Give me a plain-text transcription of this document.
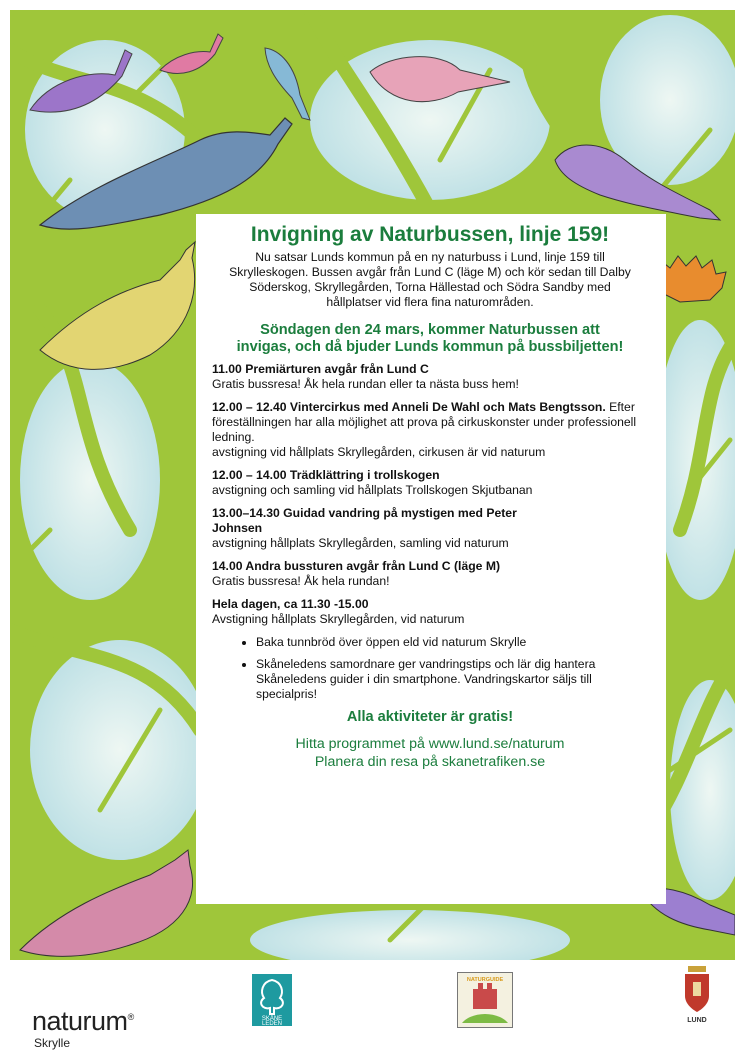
Invigning av Naturbussen, linje 159!

Nu satsar Lunds kommun på en ny naturbuss i Lund, linje 159 till Skrylleskogen. Bussen avgår från Lund C (läge M) och kör sedan till Dalby Söderskog, Skryllegården, Torna Hällestad och Södra Sandby med hållplatser vid flera fina naturområden.

Söndagen den 24 mars, kommer Naturbussen att invigas, och då bjuder Lunds kommun på bussbiljetten!
11.00 Premiärturen avgår från Lund C
Gratis bussresa! Åk hela rundan eller ta nästa buss hem!
12.00 – 12.40 Vintercirkus med Anneli De Wahl och Mats Bengtsson. Efter föreställningen har alla möjlighet att prova på cirkuskonster under professionell ledning.
avstigning vid hållplats Skryllegården, cirkusen är vid naturum
12.00 – 14.00 Trädklättring i trollskogen
avstigning och samling vid hållplats Trollskogen Skjutbanan
13.00–14.30 Guidad vandring på mystigen med Peter Johnsen
avstigning hållplats Skryllegården, samling vid naturum
14.00 Andra bussturen avgår från Lund C (läge M)
Gratis bussresa! Åk hela rundan!
Hela dagen, ca 11.30 -15.00
Avstigning hållplats Skryllegården, vid naturum
• Baka tunnbröd över öppen eld vid naturum Skrylle
• Skåneledens samordnare ger vandringstips och lär dig hantera Skåneledens guider i din smartphone. Vandringskartor säljs till specialpris!
Alla aktiviteter är gratis!
Hitta programmet på www.lund.se/naturum
Planera din resa på skanetrafiken.se
naturum®
Skrylle
SKÅNE
LEDEN
NATURGUIDE
LUND
